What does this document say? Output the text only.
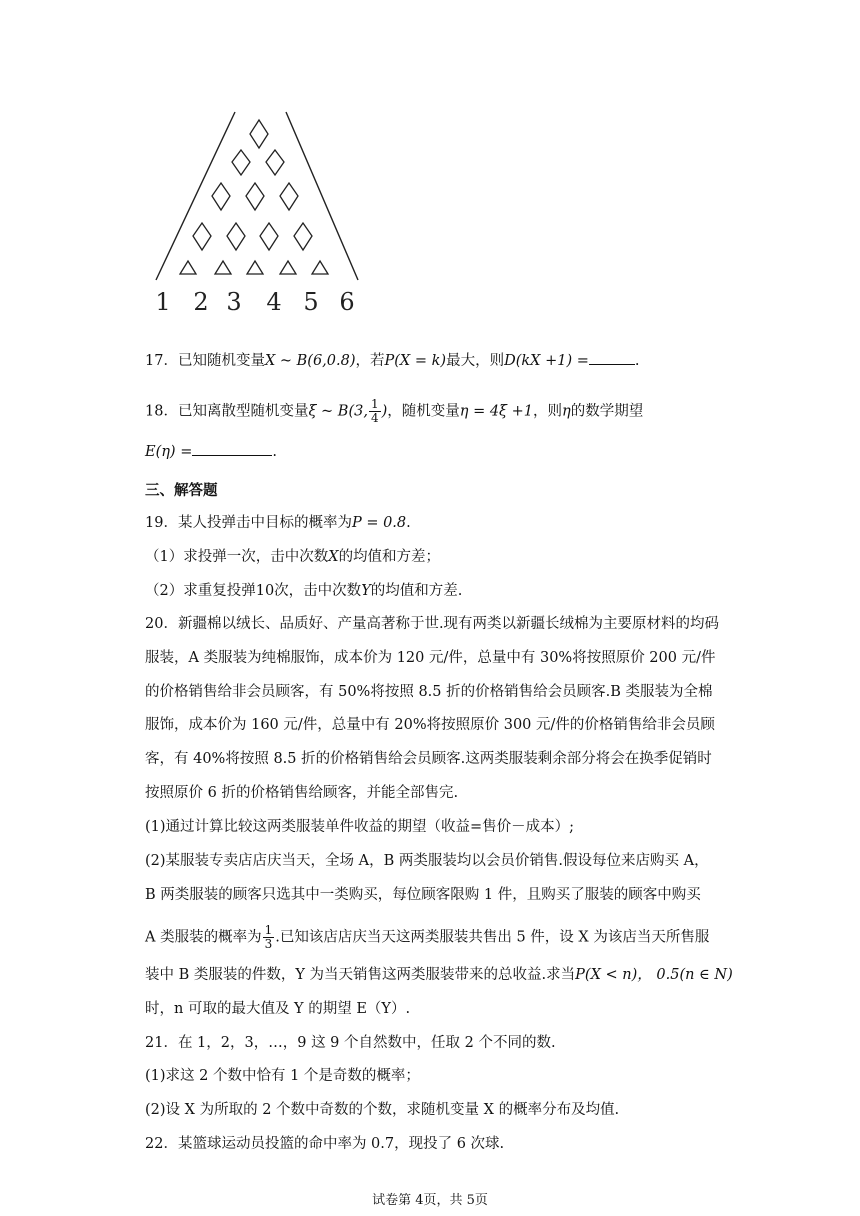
1 2 3 4 5 6
17．已知随机变量X ~ B(6,0.8)，若P(X = k)最大，则D(kX +1) =	.
18．已知离散型随机变量ξ ~ B(3, $\frac{1}{4}$ )，随机变量η = 4ξ +1，则η的数学期望
E(η) =	.
三、解答题
19．某人投弹击中目标的概率为P = 0.8.
（1）求投弹一次，击中次数X的均值和方差；
（2）求重复投弹10次，击中次数Y的均值和方差.
20．新疆棉以绒长、品质好、产量高著称于世.现有两类以新疆长绒棉为主要原材料的均码
服装，A 类服装为纯棉服饰，成本价为 120 元/件，总量中有 30%将按照原价 200 元/件
的价格销售给非会员顾客，有 50%将按照 8.5 折的价格销售给会员顾客.B 类服装为全棉
服饰，成本价为 160 元/件，总量中有 20%将按照原价 300 元/件的价格销售给非会员顾
客，有 40%将按照 8.5 折的价格销售给会员顾客.这两类服装剩余部分将会在换季促销时
按照原价 6 折的价格销售给顾客，并能全部售完.
(1)通过计算比较这两类服装单件收益的期望（收益=售价－成本）;
(2)某服装专卖店店庆当天，全场 A，B 两类服装均以会员价销售.假设每位来店购买 A，
B 两类服装的顾客只选其中一类购买，每位顾客限购 1 件，且购买了服装的顾客中购买
A 类服装的概率为 $\frac{1}{3}$ .已知该店店庆当天这两类服装共售出 5 件，设 X 为该店当天所售服
装中 B 类服装的件数，Y 为当天销售这两类服装带来的总收益.求当P(X < n)， 0.5(n ∈ N)
时，n 可取的最大值及 Y 的期望 E（Y）.
21．在 1，2，3，…，9 这 9 个自然数中，任取 2 个不同的数.
(1)求这 2 个数中恰有 1 个是奇数的概率；
(2)设 X 为所取的 2 个数中奇数的个数，求随机变量 X 的概率分布及均值.
22．某篮球运动员投篮的命中率为 0.7，现投了 6 次球.
试卷第 4页，共 5页
